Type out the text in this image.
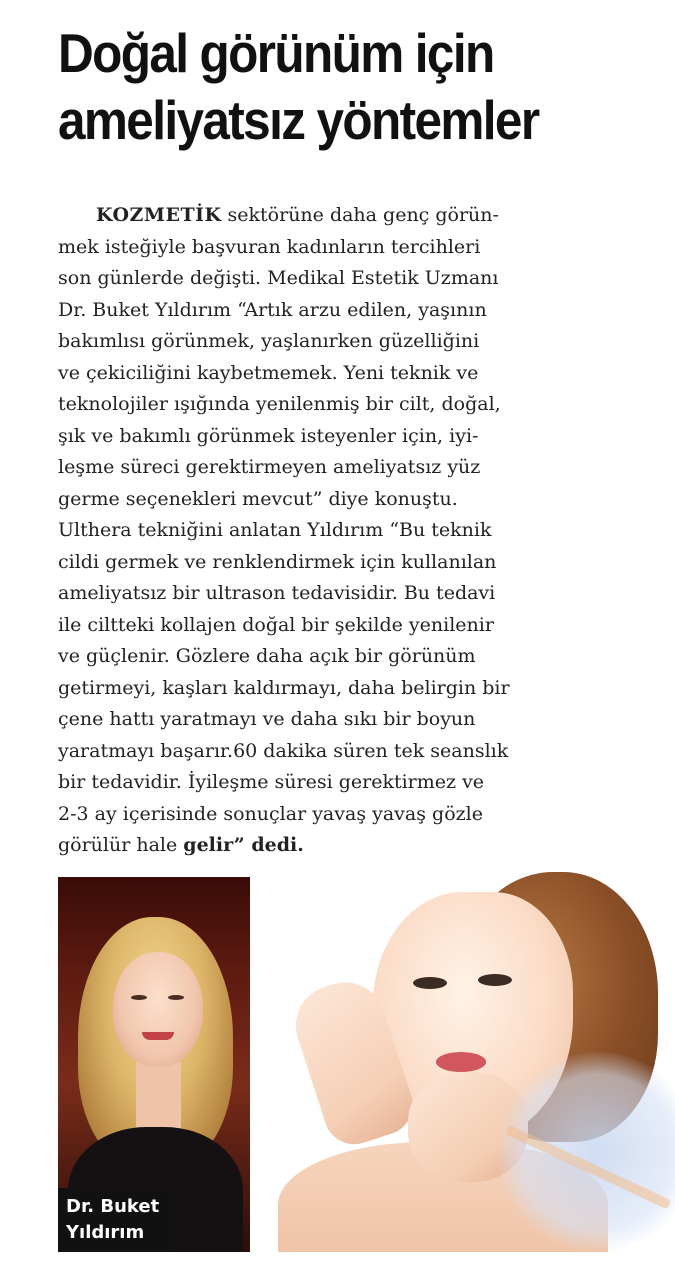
Doğal görünüm için
ameliyatsız yöntemler
KOZMETİK sektörüne daha genç görün-
mek isteğiyle başvuran kadınların tercihleri
son günlerde değişti. Medikal Estetik Uzmanı
Dr. Buket Yıldırım “Artık arzu edilen, yaşının
bakımlısı görünmek, yaşlanırken güzelliğini
ve çekiciliğini kaybetmemek. Yeni teknik ve
teknolojiler ışığında yenilenmiş bir cilt, doğal,
şık ve bakımlı görünmek isteyenler için, iyi-
leşme süreci gerektirmeyen ameliyatsız yüz
germe seçenekleri mevcut” diye konuştu.
Ulthera tekniğini anlatan Yıldırım “Bu teknik
cildi germek ve renklendirmek için kullanılan
ameliyatsız bir ultrason tedavisidir. Bu tedavi
ile ciltteki kollajen doğal bir şekilde yenilenir
ve güçlenir. Gözlere daha açık bir görünüm
getirmeyi, kaşları kaldırmayı, daha belirgin bir
çene hattı yaratmayı ve daha sıkı bir boyun
yaratmayı başarır.60 dakika süren tek seanslık
bir tedavidir. İyileşme süresi gerektirmez ve
2-3 ay içerisinde sonuçlar yavaş yavaş gözle
görülür hale gelir” dedi.
Dr. Buket
Yıldırım
